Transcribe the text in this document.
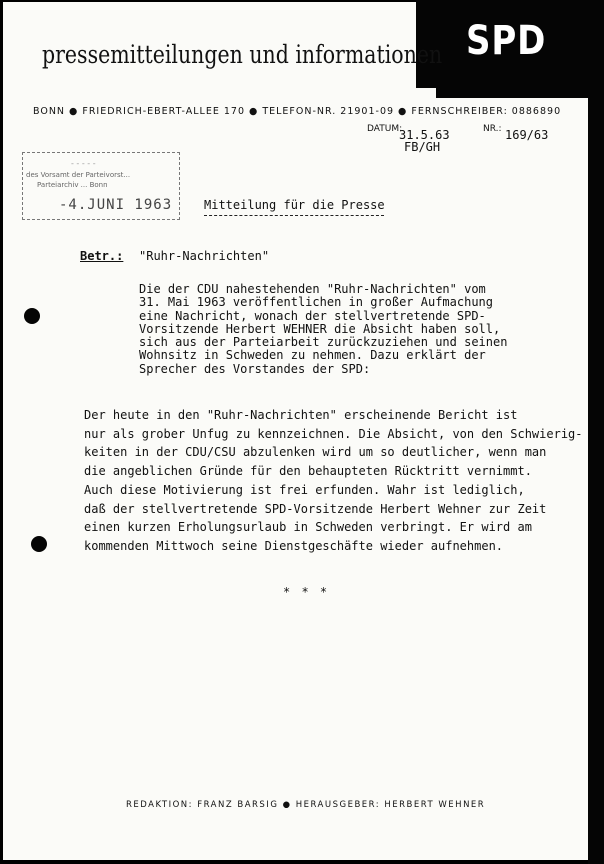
SPD
pressemitteilungen und informationen
BONN ● FRIEDRICH-EBERT-ALLEE 170 ● TELEFON-NR. 21901-09 ● FERNSCHREIBER: 0886890
DATUM:
31.5.63
FB/GH
NR.: 169/63
- - - - -
des Vorsamt der Parteivorst...
Parteiarchiv ... Bonn
-4.JUNI 1963	Mitteilung für die Presse
Betr.: "Ruhr-Nachrichten"
Die der CDU nahestehenden "Ruhr-Nachrichten" vom
31. Mai 1963 veröffentlichen in großer Aufmachung
eine Nachricht, wonach der stellvertretende SPD-
Vorsitzende Herbert WEHNER die Absicht haben soll,
sich aus der Parteiarbeit zurückzuziehen und seinen
Wohnsitz in Schweden zu nehmen. Dazu erklärt der
Sprecher des Vorstandes der SPD:
Der heute in den "Ruhr-Nachrichten" erscheinende Bericht ist
nur als grober Unfug zu kennzeichnen. Die Absicht, von den Schwierig-
keiten in der CDU/CSU abzulenken wird um so deutlicher, wenn man
die angeblichen Gründe für den behaupteten Rücktritt vernimmt.
Auch diese Motivierung ist frei erfunden. Wahr ist lediglich,
daß der stellvertretende SPD-Vorsitzende Herbert Wehner zur Zeit
einen kurzen Erholungsurlaub in Schweden verbringt. Er wird am
kommenden Mittwoch seine Dienstgeschäfte wieder aufnehmen.
* * *
REDAKTION: FRANZ BARSIG ● HERAUSGEBER: HERBERT WEHNER
